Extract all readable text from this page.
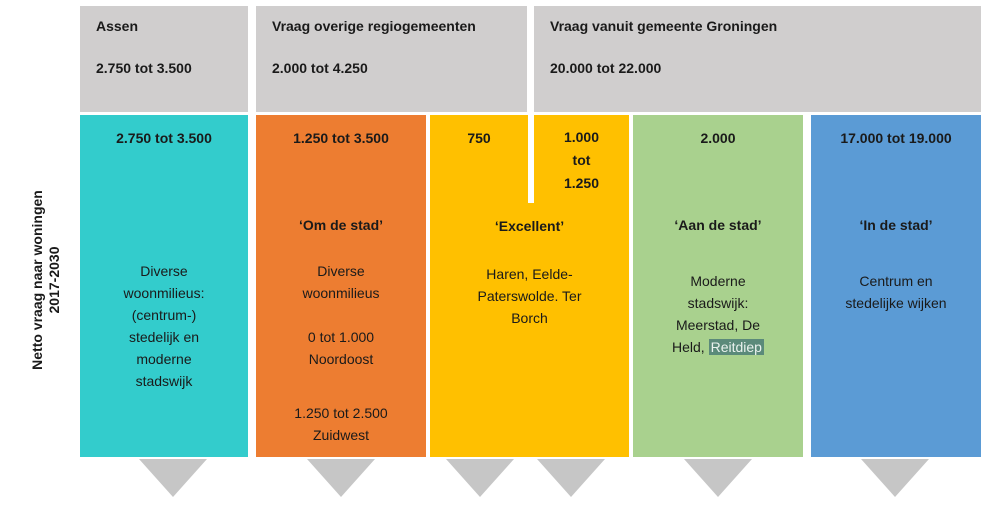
Netto vraag naar woningen 2017-2030
Assen
2.750 tot 3.500
Vraag overige regiogemeenten
2.000 tot 4.250
Vraag vanuit gemeente Groningen
20.000 tot 22.000
2.750 tot 3.500
Diverse
woonmilieus:
(centrum-)
stedelijk en
moderne
stadswijk
1.250 tot 3.500
‘Om de stad’
Diverse
woonmilieus
0 tot 1.000
Noordoost
1.250 tot 2.500
Zuidwest
‘Excellent’
Haren, Eelde-
Paterswolde. Ter
Borch
750	1.000
tot
1.250
2.000
‘Aan de stad’
Moderne
stadswijk:
Meerstad, De
Held, Reitdiep
17.000 tot 19.000
‘In de stad’
Centrum en
stedelijke wijken
